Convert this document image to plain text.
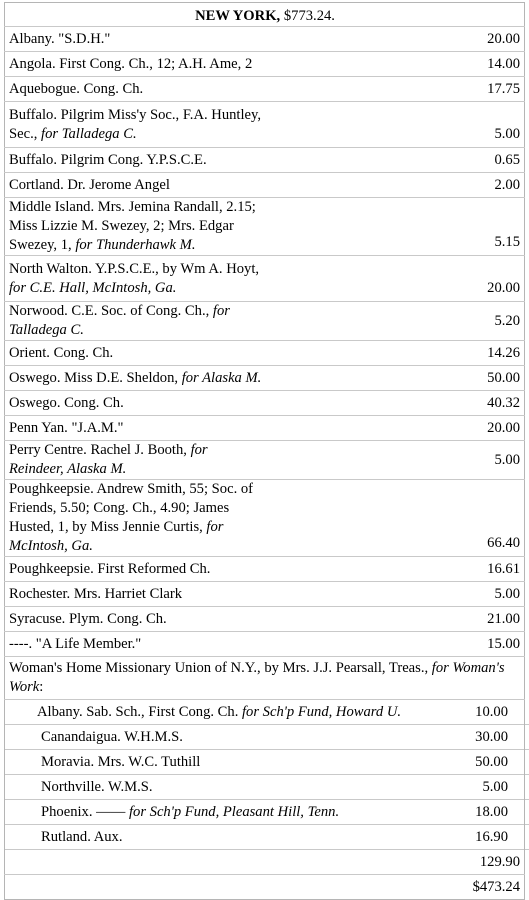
NEW YORK, $773.24.
Albany. "S.D.H."	20.00
Angola. First Cong. Ch., 12; A.H. Ame, 2	14.00
Aquebogue. Cong. Ch.	17.75
Buffalo. Pilgrim Miss'y Soc., F.A. Huntley, Sec., for Talladega C.	5.00
Buffalo. Pilgrim Cong. Y.P.S.C.E.	0.65
Cortland. Dr. Jerome Angel	2.00
Middle Island. Mrs. Jemina Randall, 2.15; Miss Lizzie M. Swezey, 2; Mrs. Edgar Swezey, 1, for Thunderhawk M.	5.15
North Walton. Y.P.S.C.E., by Wm A. Hoyt, for C.E. Hall, McIntosh, Ga.	20.00
Norwood. C.E. Soc. of Cong. Ch., for Talladega C.	5.20
Orient. Cong. Ch.	14.26
Oswego. Miss D.E. Sheldon, for Alaska M.	50.00
Oswego. Cong. Ch.	40.32
Penn Yan. "J.A.M."	20.00
Perry Centre. Rachel J. Booth, for Reindeer, Alaska M.	5.00
Poughkeepsie. Andrew Smith, 55; Soc. of Friends, 5.50; Cong. Ch., 4.90; James Husted, 1, by Miss Jennie Curtis, for McIntosh, Ga.	66.40
Poughkeepsie. First Reformed Ch.	16.61
Rochester. Mrs. Harriet Clark	5.00
Syracuse. Plym. Cong. Ch.	21.00
----. "A Life Member."	15.00
Woman's Home Missionary Union of N.Y., by Mrs. J.J. Pearsall, Treas., for Woman's Work:

Albany. Sab. Sch., First Cong. Ch. for Sch'p Fund, Howard U.	10.00	
Canandaigua. W.H.M.S.	30.00	
Moravia. Mrs. W.C. Tuthill	50.00	
Northville. W.M.S.	5.00	
Phoenix. —— for Sch'p Fund, Pleasant Hill, Tenn.	18.00	
Rutland. Aux.	16.90	

	129.90
	$473.24
